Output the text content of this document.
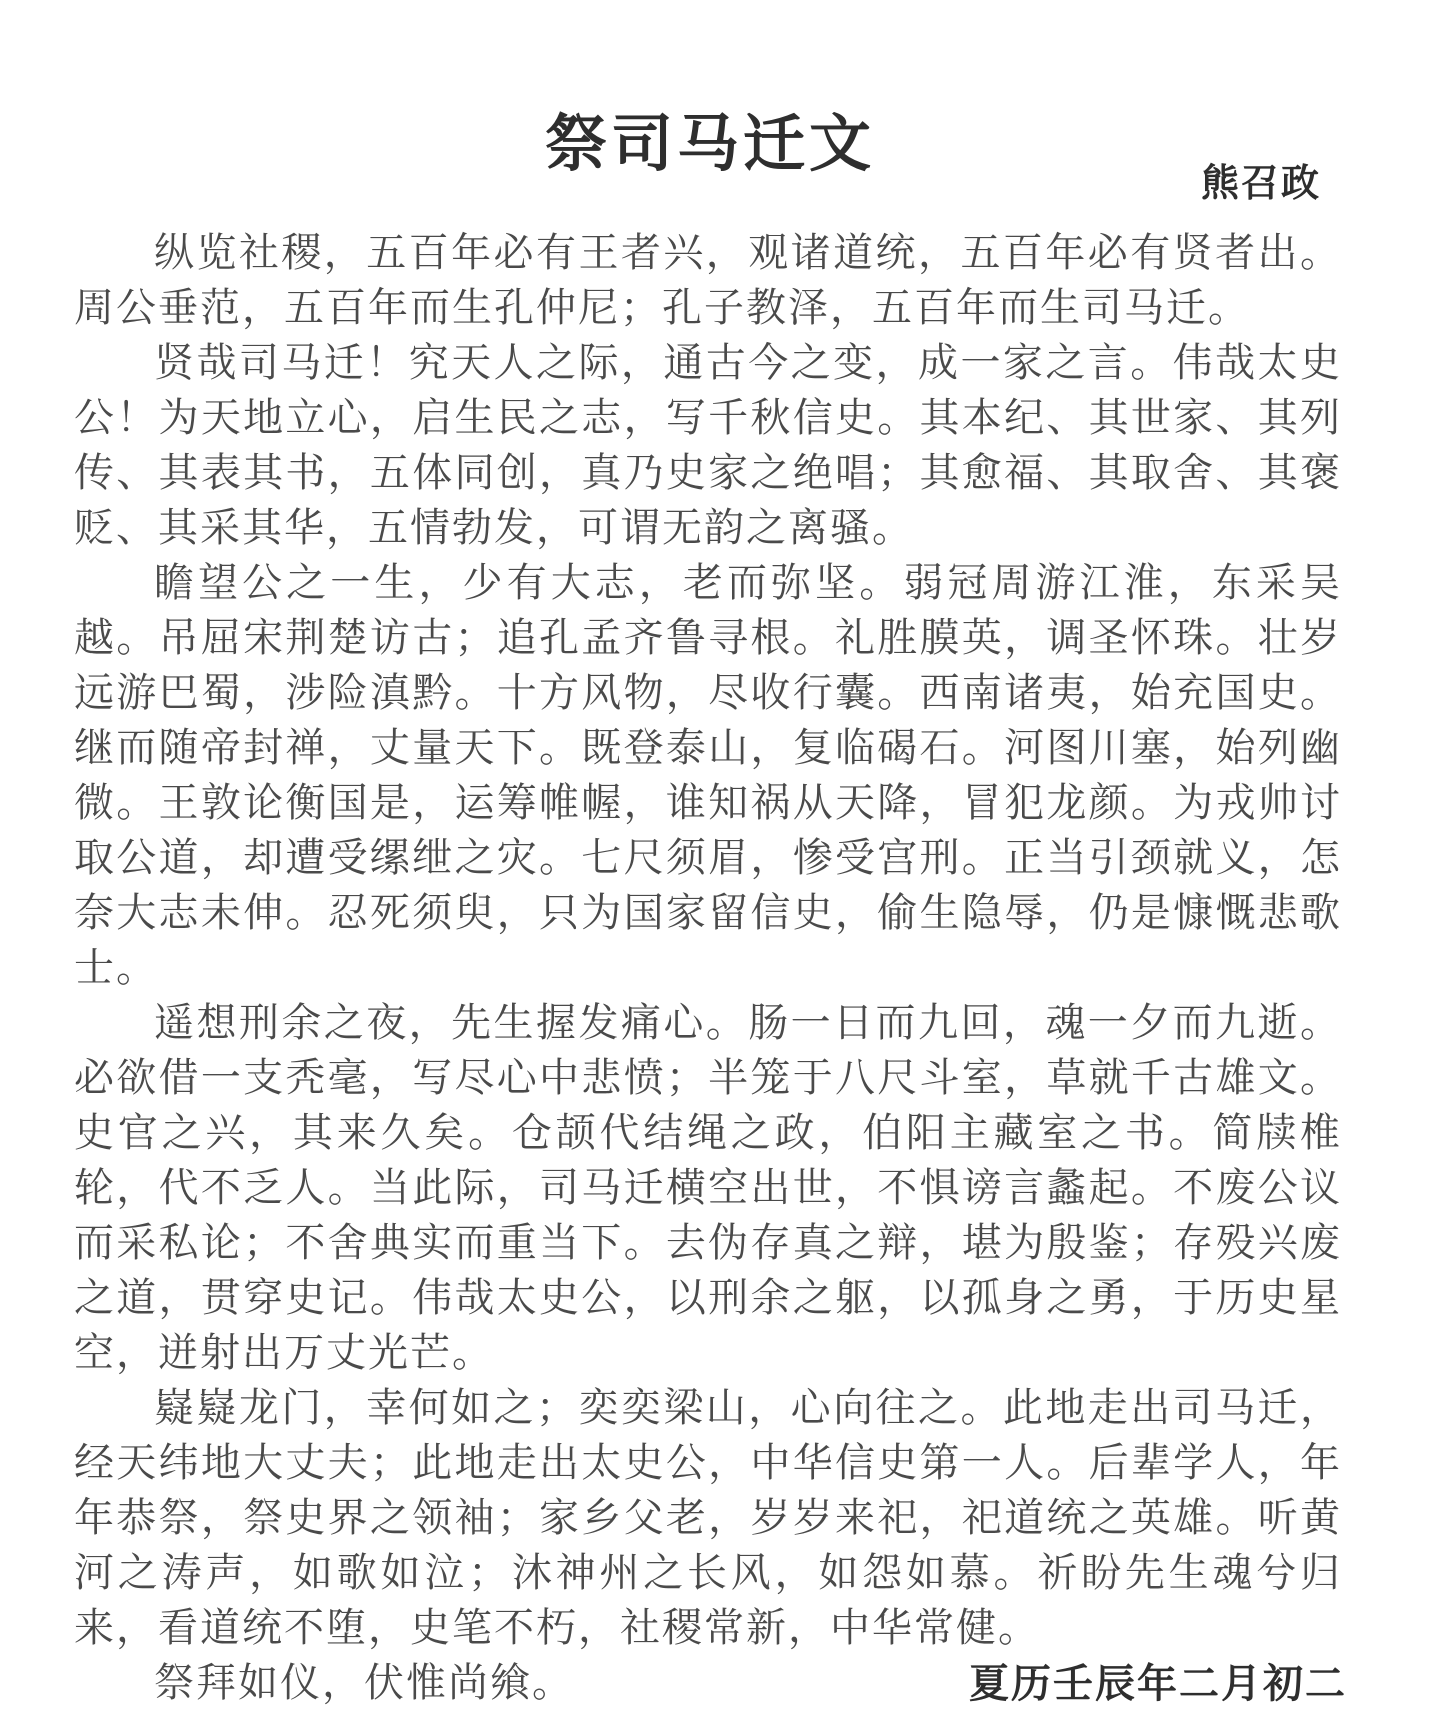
祭司马迁文
熊召政

纵览社稷，五百年必有王者兴，观诸道统，五百年必有贤者出。周公垂范，五百年而生孔仲尼；孔子教泽，五百年而生司马迁。

贤哉司马迁！究天人之际，通古今之变，成一家之言。伟哉太史公！为天地立心，启生民之志，写千秋信史。其本纪、其世家、其列传、其表其书，五体同创，真乃史家之绝唱；其愈福、其取舍、其褒贬、其采其华，五情勃发，可谓无韵之离骚。

瞻望公之一生，少有大志，老而弥坚。弱冠周游江淮，东采吴越。吊屈宋荆楚访古；追孔孟齐鲁寻根。礼胜膜英，调圣怀珠。壮岁远游巴蜀，涉险滇黔。十方风物，尽收行囊。西南诸夷，始充国史。继而随帝封禅，丈量天下。既登泰山，复临碣石。河图川塞，始列幽微。王敦论衡国是，运筹帷幄，谁知祸从天降，冒犯龙颜。为戎帅讨取公道，却遭受缧绁之灾。七尺须眉，惨受宫刑。正当引颈就义，怎奈大志未伸。忍死须臾，只为国家留信史，偷生隐辱，仍是慷慨悲歌士。

遥想刑余之夜，先生握发痛心。肠一日而九回，魂一夕而九逝。必欲借一支秃毫，写尽心中悲愤；半笼于八尺斗室，草就千古雄文。史官之兴，其来久矣。仓颉代结绳之政，伯阳主藏室之书。简牍椎轮，代不乏人。当此际，司马迁横空出世，不惧谤言蠡起。不废公议而采私论；不舍典实而重当下。去伪存真之辩，堪为殷鉴；存殁兴废之道，贯穿史记。伟哉太史公，以刑余之躯，以孤身之勇，于历史星空，迸射出万丈光芒。

嶷嶷龙门，幸何如之；奕奕梁山，心向往之。此地走出司马迁，经天纬地大丈夫；此地走出太史公，中华信史第一人。后辈学人，年年恭祭，祭史界之领袖；家乡父老，岁岁来祀，祀道统之英雄。听黄河之涛声，如歌如泣；沐神州之长风，如怨如慕。祈盼先生魂兮归来，看道统不堕，史笔不朽，社稷常新，中华常健。

祭拜如仪，伏惟尚飨。	夏历壬辰年二月初二
